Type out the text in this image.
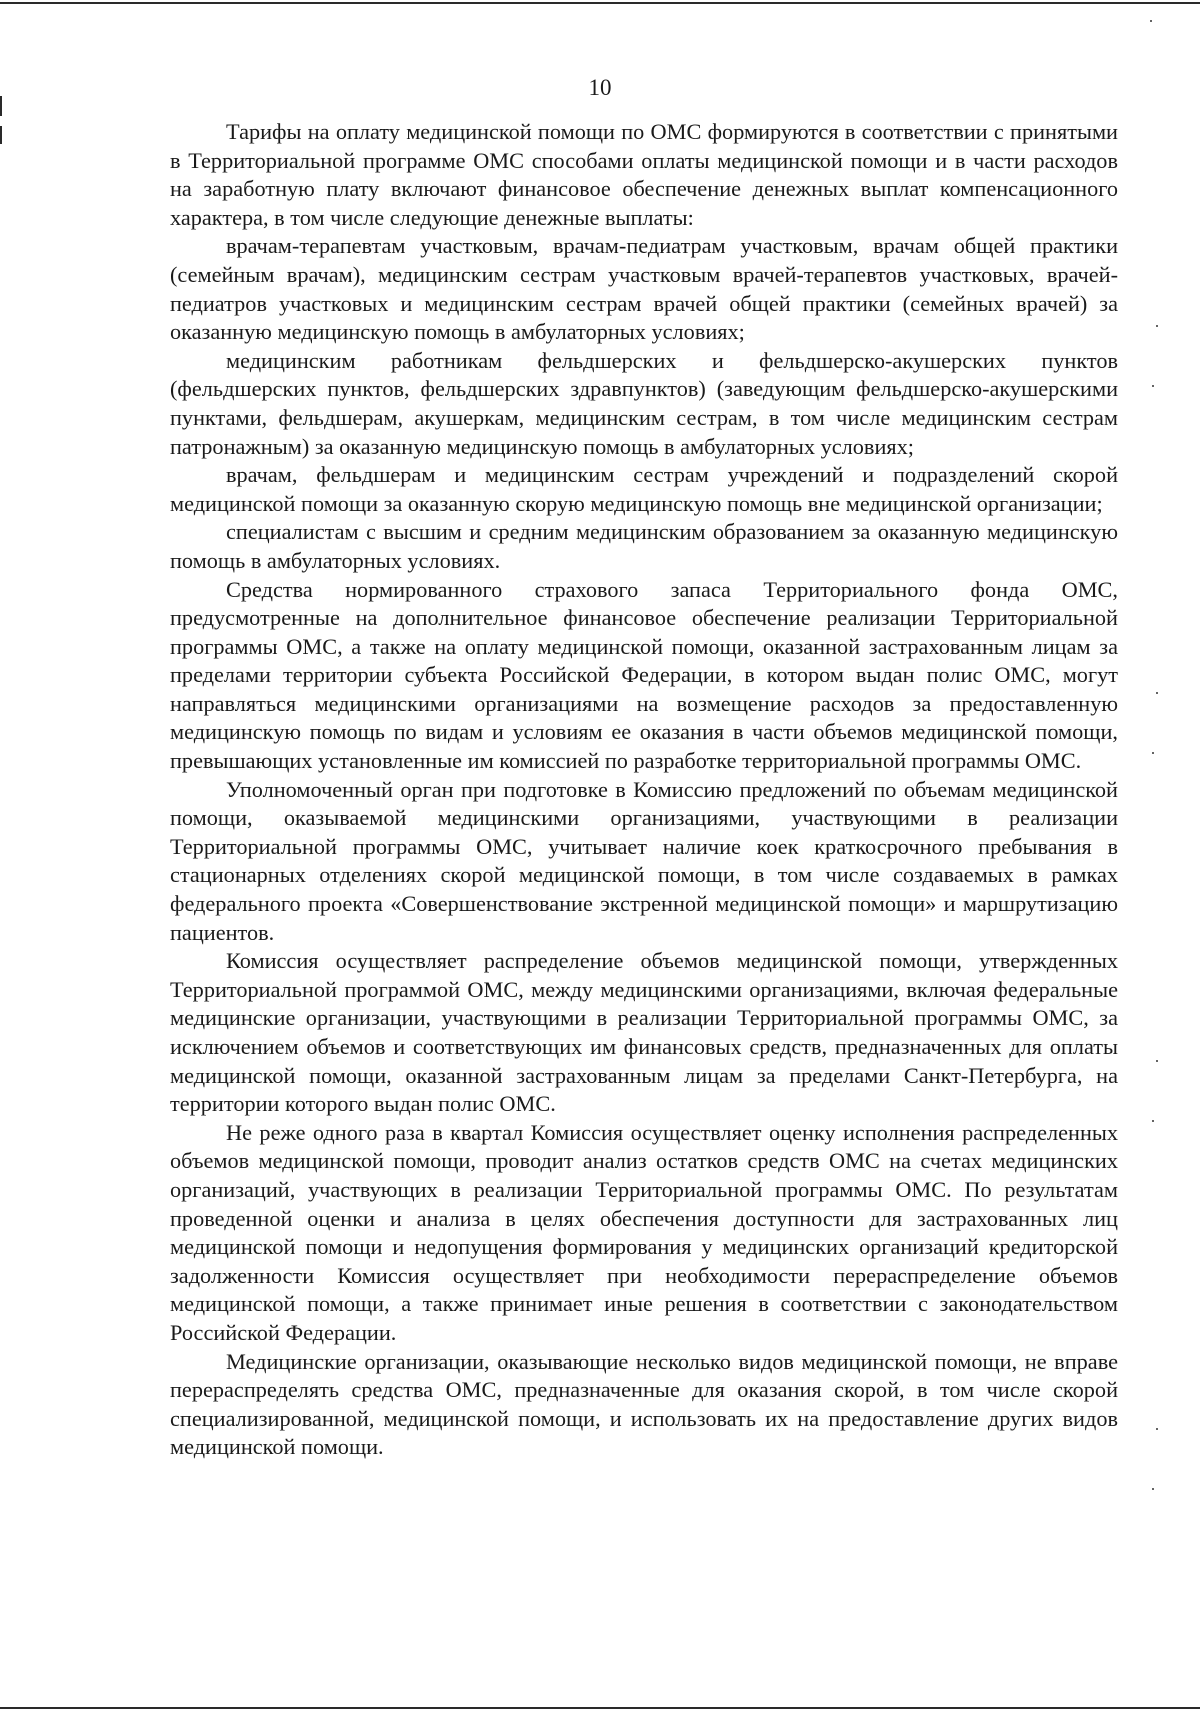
10

Тарифы на оплату медицинской помощи по ОМС формируются в соответствии с принятыми в Территориальной программе ОМС способами оплаты медицинской помощи и в части расходов на заработную плату включают финансовое обеспечение денежных выплат компенсационного характера, в том числе следующие денежные выплаты:

врачам-терапевтам участковым, врачам-педиатрам участковым, врачам общей практики (семейным врачам), медицинским сестрам участковым врачей-терапевтов участковых, врачей-педиатров участковых и медицинским сестрам врачей общей практики (семейных врачей) за оказанную медицинскую помощь в амбулаторных условиях;

медицинским работникам фельдшерских и фельдшерско-акушерских пунктов (фельдшерских пунктов, фельдшерских здравпунктов) (заведующим фельдшерско-акушерскими пунктами, фельдшерам, акушеркам, медицинским сестрам, в том числе медицинским сестрам патронажным) за оказанную медицинскую помощь в амбулаторных условиях;

врачам, фельдшерам и медицинским сестрам учреждений и подразделений скорой медицинской помощи за оказанную скорую медицинскую помощь вне медицинской организации;

специалистам с высшим и средним медицинским образованием за оказанную медицинскую помощь в амбулаторных условиях.

Средства нормированного страхового запаса Территориального фонда ОМС, предусмотренные на дополнительное финансовое обеспечение реализации Территориальной программы ОМС, а также на оплату медицинской помощи, оказанной застрахованным лицам за пределами территории субъекта Российской Федерации, в котором выдан полис ОМС, могут направляться медицинскими организациями на возмещение расходов за предоставленную медицинскую помощь по видам и условиям ее оказания в части объемов медицинской помощи, превышающих установленные им комиссией по разработке территориальной программы ОМС.

Уполномоченный орган при подготовке в Комиссию предложений по объемам медицинской помощи, оказываемой медицинскими организациями, участвующими в реализации Территориальной программы ОМС, учитывает наличие коек краткосрочного пребывания в стационарных отделениях скорой медицинской помощи, в том числе создаваемых в рамках федерального проекта «Совершенствование экстренной медицинской помощи» и маршрутизацию пациентов.

Комиссия осуществляет распределение объемов медицинской помощи, утвержденных Территориальной программой ОМС, между медицинскими организациями, включая федеральные медицинские организации, участвующими в реализации Территориальной программы ОМС, за исключением объемов и соответствующих им финансовых средств, предназначенных для оплаты медицинской помощи, оказанной застрахованным лицам за пределами Санкт-Петербурга, на территории которого выдан полис ОМС.

Не реже одного раза в квартал Комиссия осуществляет оценку исполнения распределенных объемов медицинской помощи, проводит анализ остатков средств ОМС на счетах медицинских организаций, участвующих в реализации Территориальной программы ОМС. По результатам проведенной оценки и анализа в целях обеспечения доступности для застрахованных лиц медицинской помощи и недопущения формирования у медицинских организаций кредиторской задолженности Комиссия осуществляет при необходимости перераспределение объемов медицинской помощи, а также принимает иные решения в соответствии с законодательством Российской Федерации.

Медицинские организации, оказывающие несколько видов медицинской помощи, не вправе перераспределять средства ОМС, предназначенные для оказания скорой, в том числе скорой специализированной, медицинской помощи, и использовать их на предоставление других видов медицинской помощи.
